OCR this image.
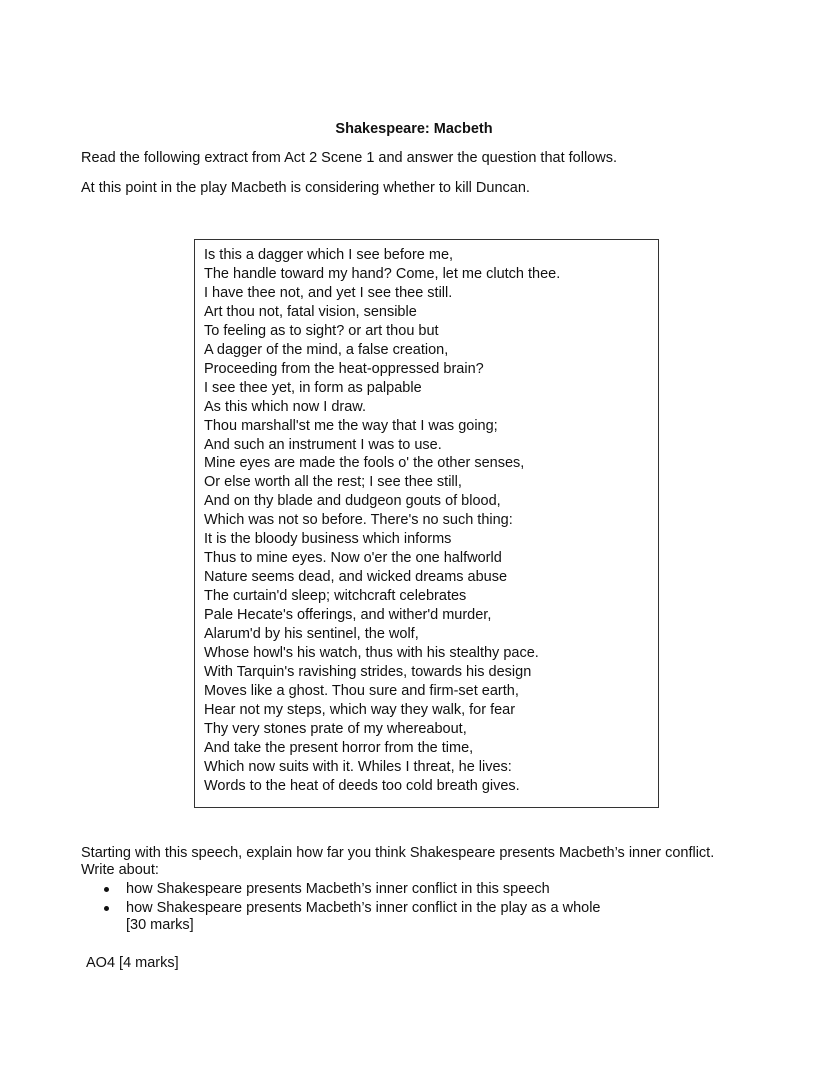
Shakespeare: Macbeth
Read the following extract from Act 2 Scene 1 and answer the question that follows.
At this point in the play Macbeth is considering whether to kill Duncan.
Is this a dagger which I see before me,
The handle toward my hand? Come, let me clutch thee.
I have thee not, and yet I see thee still.
Art thou not, fatal vision, sensible
To feeling as to sight? or art thou but
A dagger of the mind, a false creation,
Proceeding from the heat-oppressed brain?
I see thee yet, in form as palpable
As this which now I draw.
Thou marshall'st me the way that I was going;
And such an instrument I was to use.
Mine eyes are made the fools o' the other senses,
Or else worth all the rest; I see thee still,
And on thy blade and dudgeon gouts of blood,
Which was not so before. There's no such thing:
It is the bloody business which informs
Thus to mine eyes. Now o'er the one halfworld
Nature seems dead, and wicked dreams abuse
The curtain'd sleep; witchcraft celebrates
Pale Hecate's offerings, and wither'd murder,
Alarum'd by his sentinel, the wolf,
Whose howl's his watch, thus with his stealthy pace.
With Tarquin's ravishing strides, towards his design
Moves like a ghost. Thou sure and firm-set earth,
Hear not my steps, which way they walk, for fear
Thy very stones prate of my whereabout,
And take the present horror from the time,
Which now suits with it. Whiles I threat, he lives:
Words to the heat of deeds too cold breath gives.
Starting with this speech, explain how far you think Shakespeare presents Macbeth’s inner conflict. Write about:
how Shakespeare presents Macbeth’s inner conflict in this speech
how Shakespeare presents Macbeth’s inner conflict in the play as a whole
[30 marks]
AO4 [4 marks]
